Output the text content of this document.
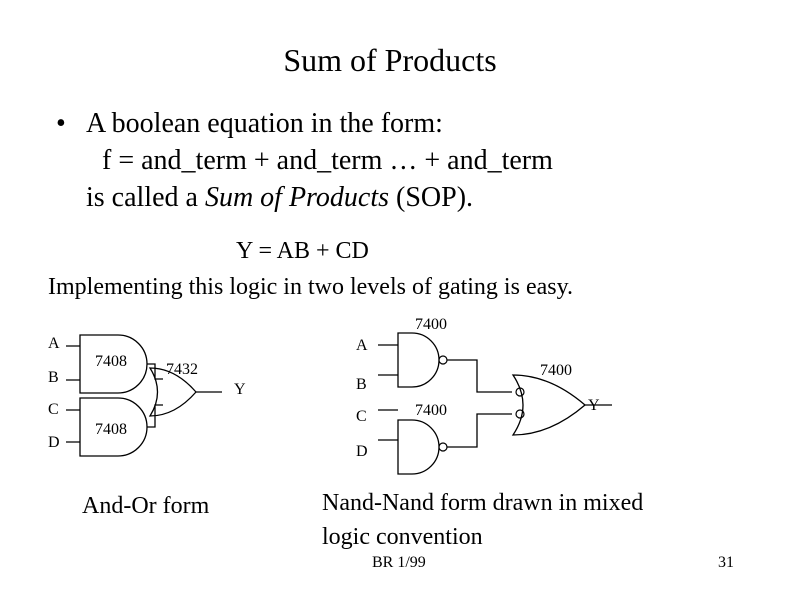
Sum of Products
• A boolean equation in the form:
f = and_term + and_term … + and_term
is called a Sum of Products (SOP).
Y = AB + CD
Implementing this logic in two levels of gating is easy.
A
B
C
D
7408
7408
7432
Y
A
B
C
D
7400
7400
7400
Y
And-Or form	Nand-Nand form drawn in mixed
logic convention
BR 1/99	31
